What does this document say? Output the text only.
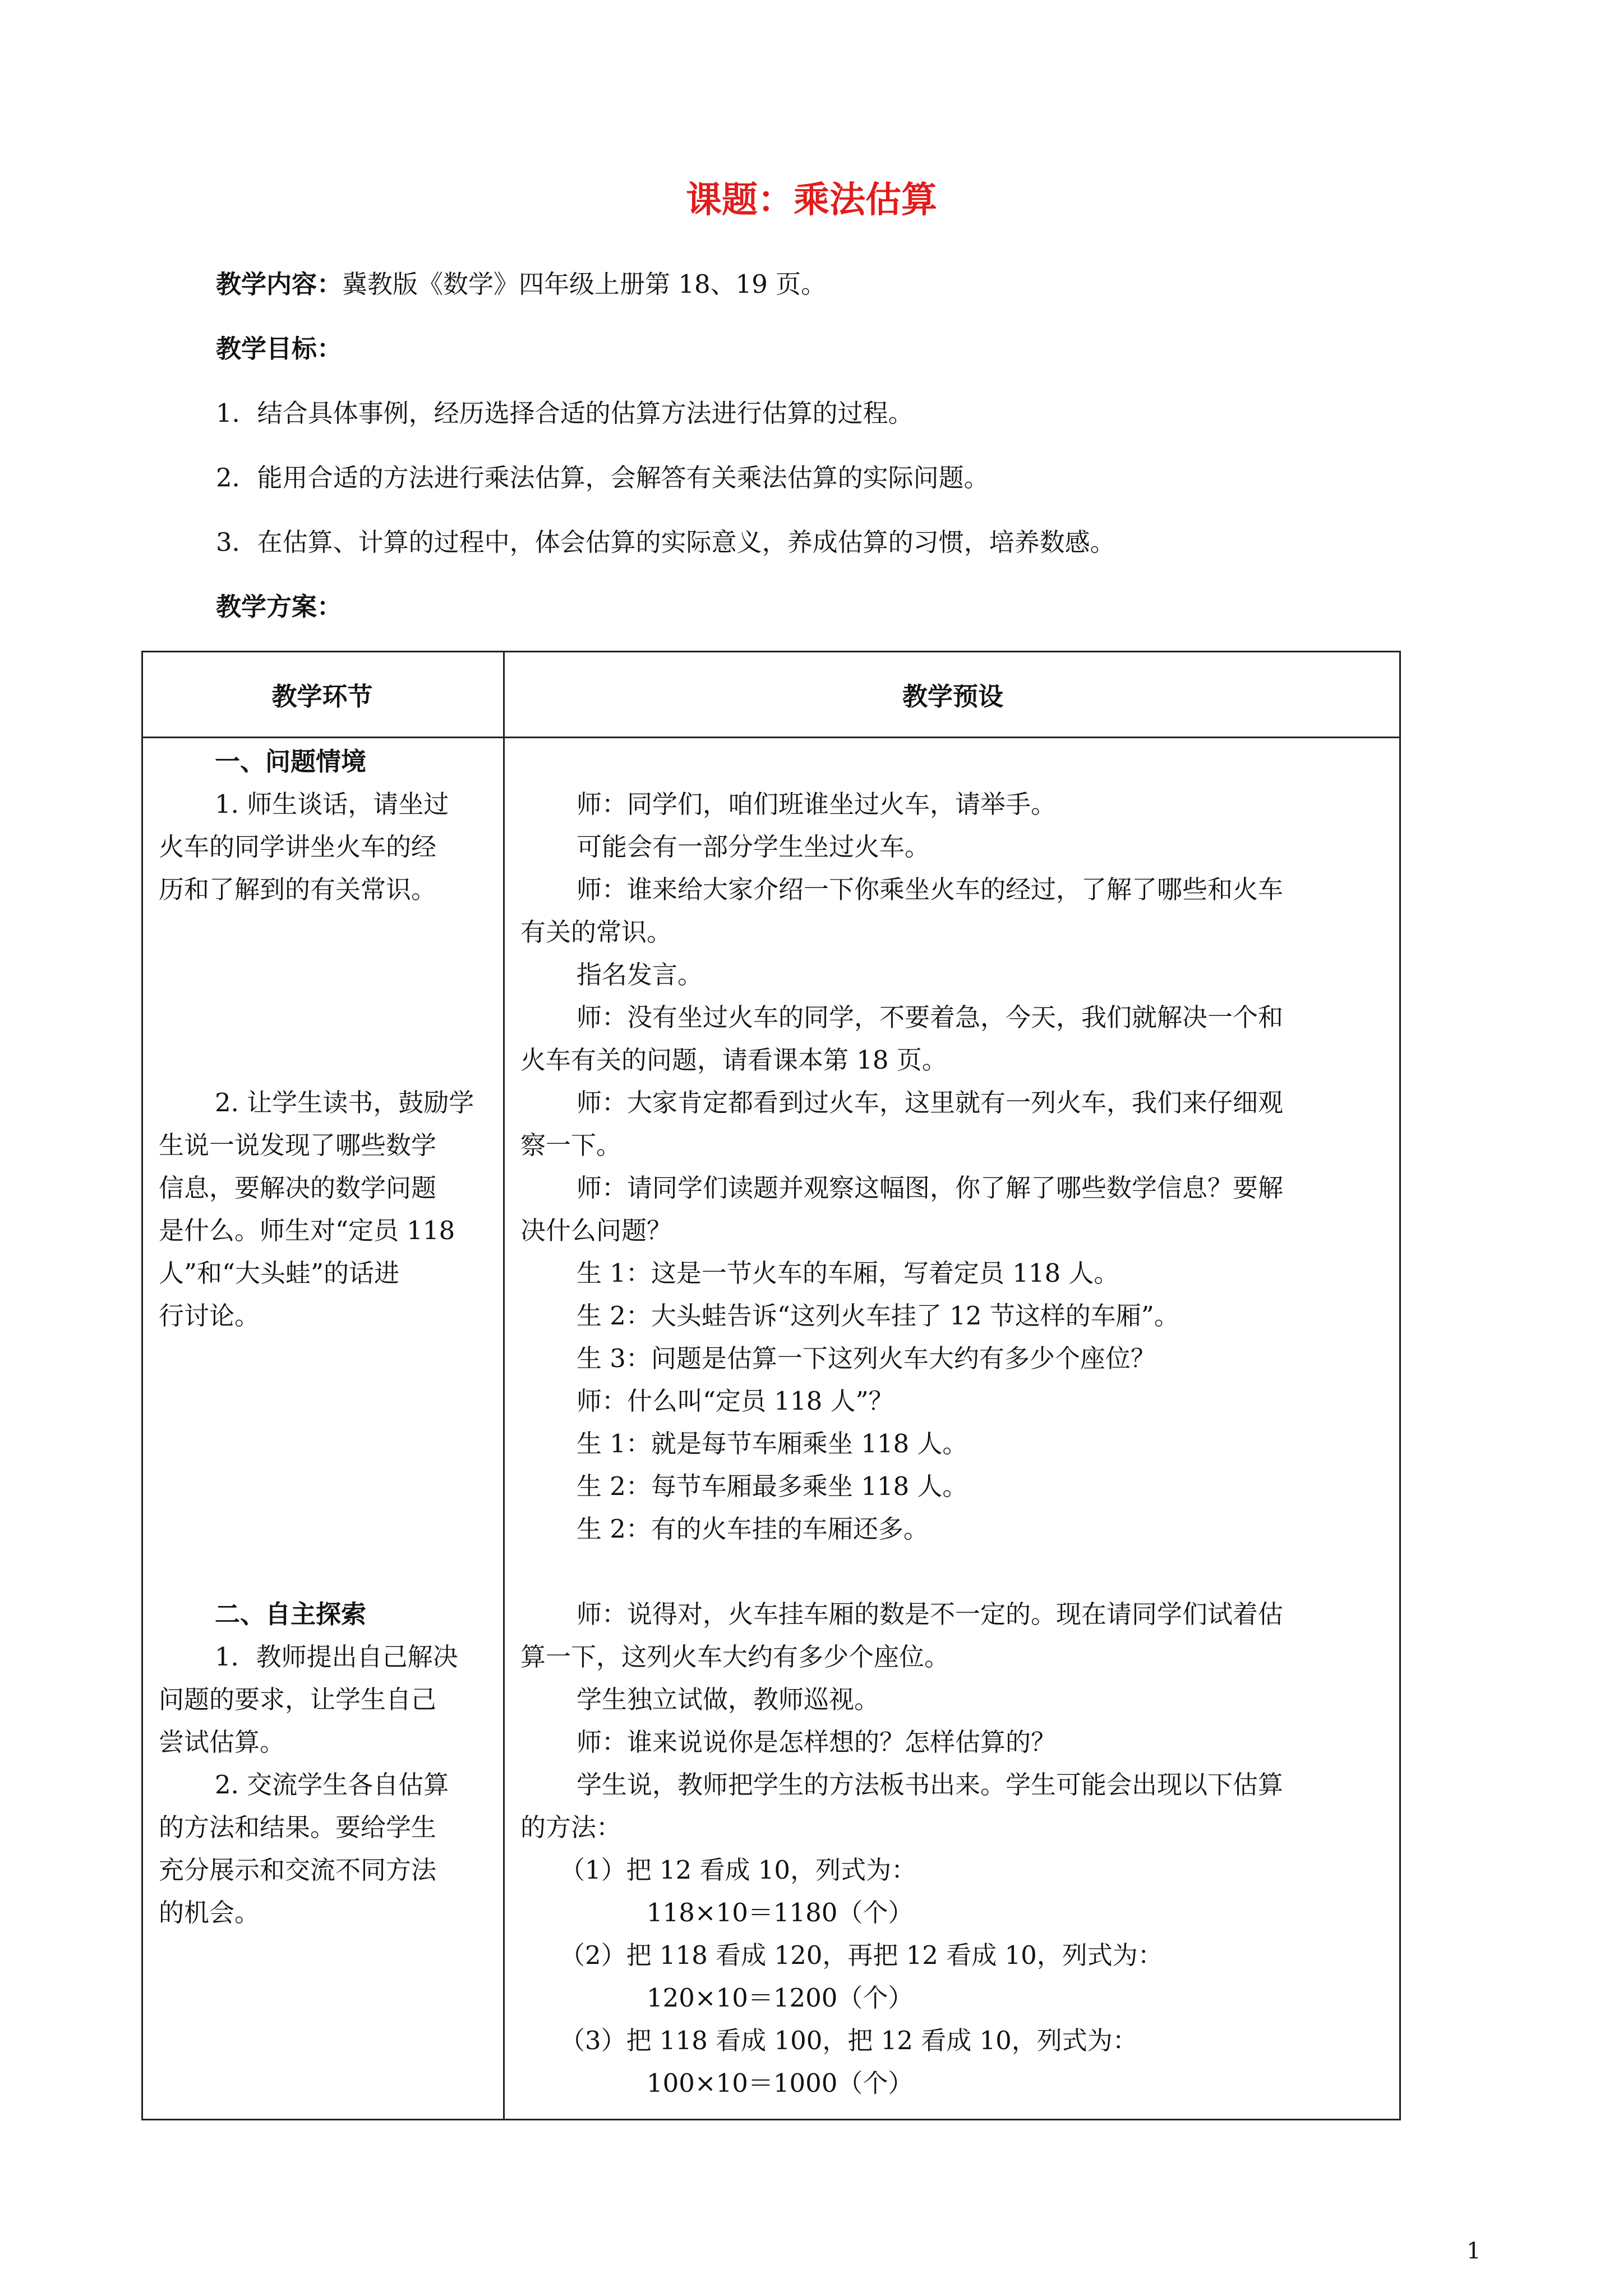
课题：乘法估算

教学内容：冀教版《数学》四年级上册第 18、19 页。

教学目标：

1．结合具体事例，经历选择合适的估算方法进行估算的过程。

2．能用合适的方法进行乘法估算，会解答有关乘法估算的实际问题。

3．在估算、计算的过程中，体会估算的实际意义，养成估算的习惯，培养数感。

教学方案：

教学环节	教学预设

一、问题情境
1. 师生谈话，请坐过
火车的同学讲坐火车的经
历和了解到的有关常识。
2. 让学生读书，鼓励学
生说一说发现了哪些数学
信息，要解决的数学问题
是什么。师生对“定员 118
人”和“大头蛙”的话进
行讨论。
二、自主探索
1．教师提出自己解决
问题的要求，让学生自己
尝试估算。
2. 交流学生各自估算
的方法和结果。要给学生
充分展示和交流不同方法
的机会。
师：同学们，咱们班谁坐过火车，请举手。
可能会有一部分学生坐过火车。
师：谁来给大家介绍一下你乘坐火车的经过，了解了哪些和火车
有关的常识。
指名发言。
师：没有坐过火车的同学，不要着急，今天，我们就解决一个和
火车有关的问题，请看课本第 18 页。
师：大家肯定都看到过火车，这里就有一列火车，我们来仔细观
察一下。
师：请同学们读题并观察这幅图，你了解了哪些数学信息？要解
决什么问题？
生 1：这是一节火车的车厢，写着定员 118 人。
生 2：大头蛙告诉“这列火车挂了 12 节这样的车厢”。
生 3：问题是估算一下这列火车大约有多少个座位？
师：什么叫“定员 118 人”？
生 1：就是每节车厢乘坐 118 人。
生 2：每节车厢最多乘坐 118 人。
生 2：有的火车挂的车厢还多。
师：说得对，火车挂车厢的数是不一定的。现在请同学们试着估
算一下，这列火车大约有多少个座位。
学生独立试做，教师巡视。
师：谁来说说你是怎样想的？怎样估算的？
学生说，教师把学生的方法板书出来。学生可能会出现以下估算
的方法：
（1）把 12 看成 10，列式为：
118×10＝1180（个）
（2）把 118 看成 120，再把 12 看成 10，列式为：
120×10＝1200（个）
（3）把 118 看成 100，把 12 看成 10，列式为：
100×10＝1000（个）

1
